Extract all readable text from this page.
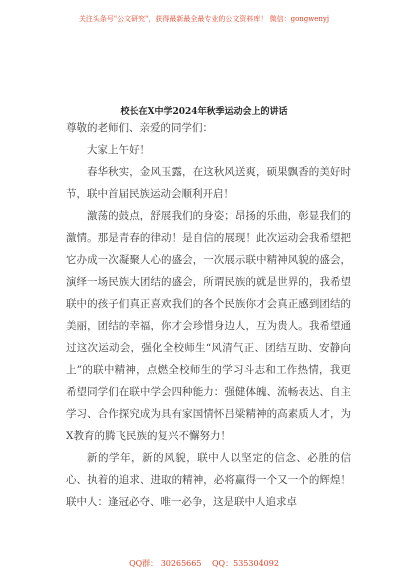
关注头条号"公文研究"，获得最新最全最专业的公文资料库！ 微信：gongwenyj
校长在X中学2024年秋季运动会上的讲话

尊敬的老师们、亲爱的同学们：

大家上午好！

春华秋实，金风玉露，在这秋风送爽，硕果飘香的美好时节，联中首届民族运动会顺利开启！

激荡的鼓点，舒展我们的身姿；昂扬的乐曲，彰显我们的激情。那是青春的律动！是自信的展现！此次运动会我希望把它办成一次凝聚人心的盛会，一次展示联中精神风貌的盛会，演绎一场民族大团结的盛会，所谓民族的就是世界的，我希望联中的孩子们真正喜欢我们的各个民族你才会真正感到团结的美丽，团结的幸福，你才会珍惜身边人，互为贵人。我希望通过这次运动会，强化全校师生“风清气正、团结互助、安静向上”的联中精神，点燃全校师生的学习斗志和工作热情，我更希望同学们在联中学会四种能力：强健体魄、流畅表达、自主学习、合作探究成为具有家国情怀吕梁精神的高素质人才，为X教育的腾飞民族的复兴不懈努力！

新的学年，新的风貌，联中人以坚定的信念、必胜的信心、执着的追求、进取的精神，必将赢得一个又一个的辉煌！联中人：逢冠必夺、唯一必争，这是联中人追求卓

QQ群： 30265665 QQ：535304092
